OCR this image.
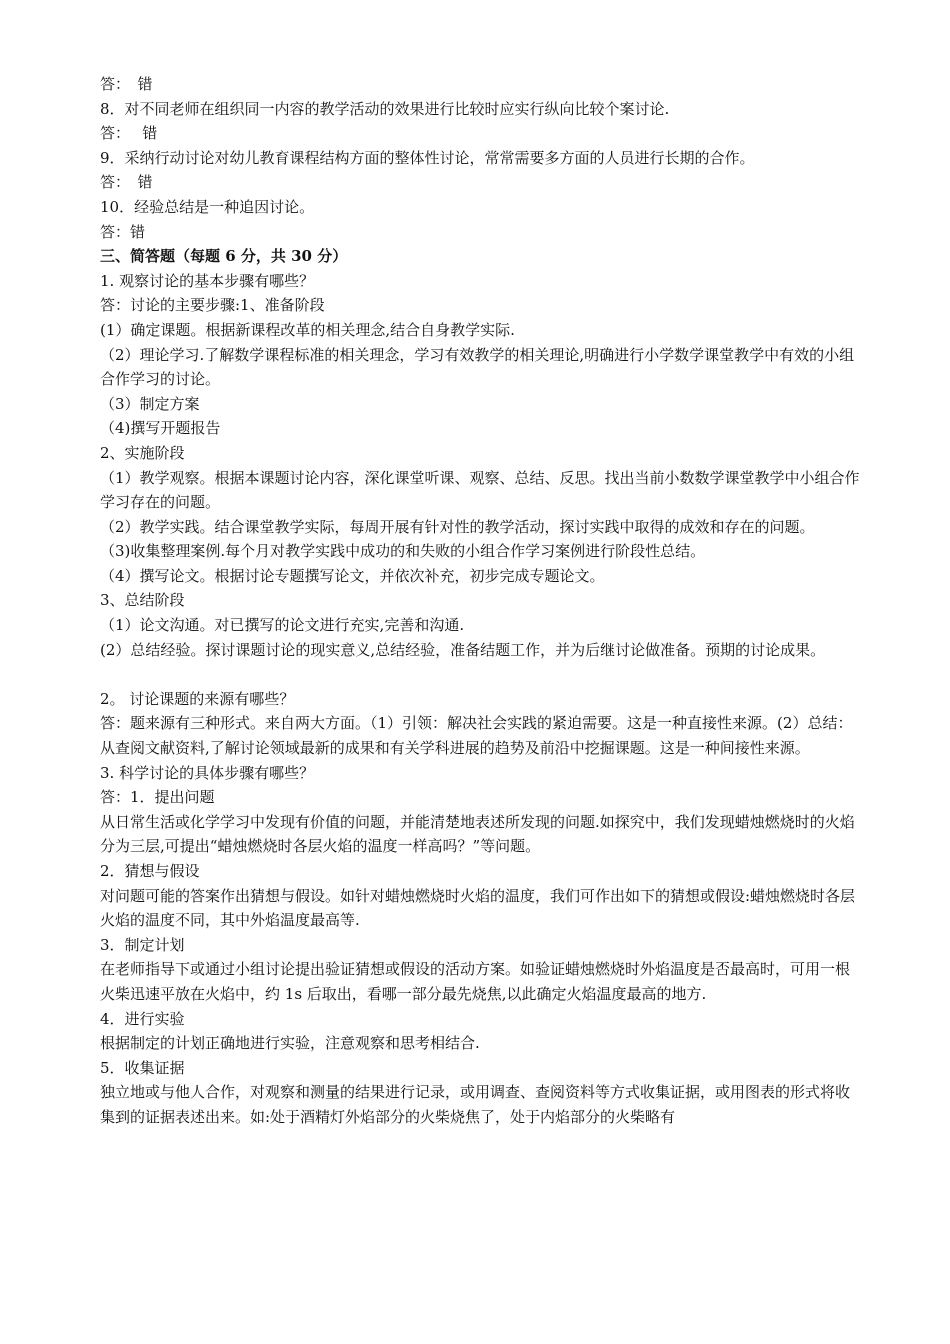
答：　错
8．对不同老师在组织同一内容的教学活动的效果进行比较时应实行纵向比较个案讨论.
答：　 错
9．采纳行动讨论对幼儿教育课程结构方面的整体性讨论，常常需要多方面的人员进行长期的合作。
答：　错
10．经验总结是一种追因讨论。
答：错
三、简答题（每题 6 分，共 30 分）
1. 观察讨论的基本步骤有哪些？
答：讨论的主要步骤:1、准备阶段
(1）确定课题。根据新课程改革的相关理念,结合自身教学实际.
（2）理论学习.了解数学课程标准的相关理念，学习有效教学的相关理论,明确进行小学数学课堂教学中有效的小组合作学习的讨论。
（3）制定方案
（4)撰写开题报告
2、实施阶段
（1）教学观察。根据本课题讨论内容，深化课堂听课、观察、总结、反思。找出当前小数数学课堂教学中小组合作学习存在的问题。
（2）教学实践。结合课堂教学实际，每周开展有针对性的教学活动，探讨实践中取得的成效和存在的问题。
（3)收集整理案例.每个月对教学实践中成功的和失败的小组合作学习案例进行阶段性总结。
（4）撰写论文。根据讨论专题撰写论文，并依次补充，初步完成专题论文。
3、总结阶段
（1）论文沟通。对已撰写的论文进行充实,完善和沟通.
(2）总结经验。探讨课题讨论的现实意义,总结经验，准备结题工作，并为后继讨论做准备。预期的讨论成果。
2。 讨论课题的来源有哪些？
答：题来源有三种形式。来自两大方面。（1）引领：解决社会实践的紧迫需要。这是一种直接性来源。(2）总结：从查阅文献资料,了解讨论领域最新的成果和有关学科进展的趋势及前沿中挖掘课题。这是一种间接性来源。
3. 科学讨论的具体步骤有哪些？
答：1．提出问题
从日常生活或化学学习中发现有价值的问题，并能清楚地表述所发现的问题.如探究中，我们发现蜡烛燃烧时的火焰分为三层,可提出“蜡烛燃烧时各层火焰的温度一样高吗？”等问题。
2．猜想与假设
对问题可能的答案作出猜想与假设。如针对蜡烛燃烧时火焰的温度，我们可作出如下的猜想或假设:蜡烛燃烧时各层火焰的温度不同，其中外焰温度最高等.
3．制定计划
在老师指导下或通过小组讨论提出验证猜想或假设的活动方案。如验证蜡烛燃烧时外焰温度是否最高时，可用一根火柴迅速平放在火焰中，约 1s 后取出，看哪一部分最先烧焦,以此确定火焰温度最高的地方.
4．进行实验
根据制定的计划正确地进行实验，注意观察和思考相结合.
5．收集证据
独立地或与他人合作，对观察和测量的结果进行记录，或用调查、查阅资料等方式收集证据，或用图表的形式将收集到的证据表述出来。如:处于酒精灯外焰部分的火柴烧焦了，处于内焰部分的火柴略有
